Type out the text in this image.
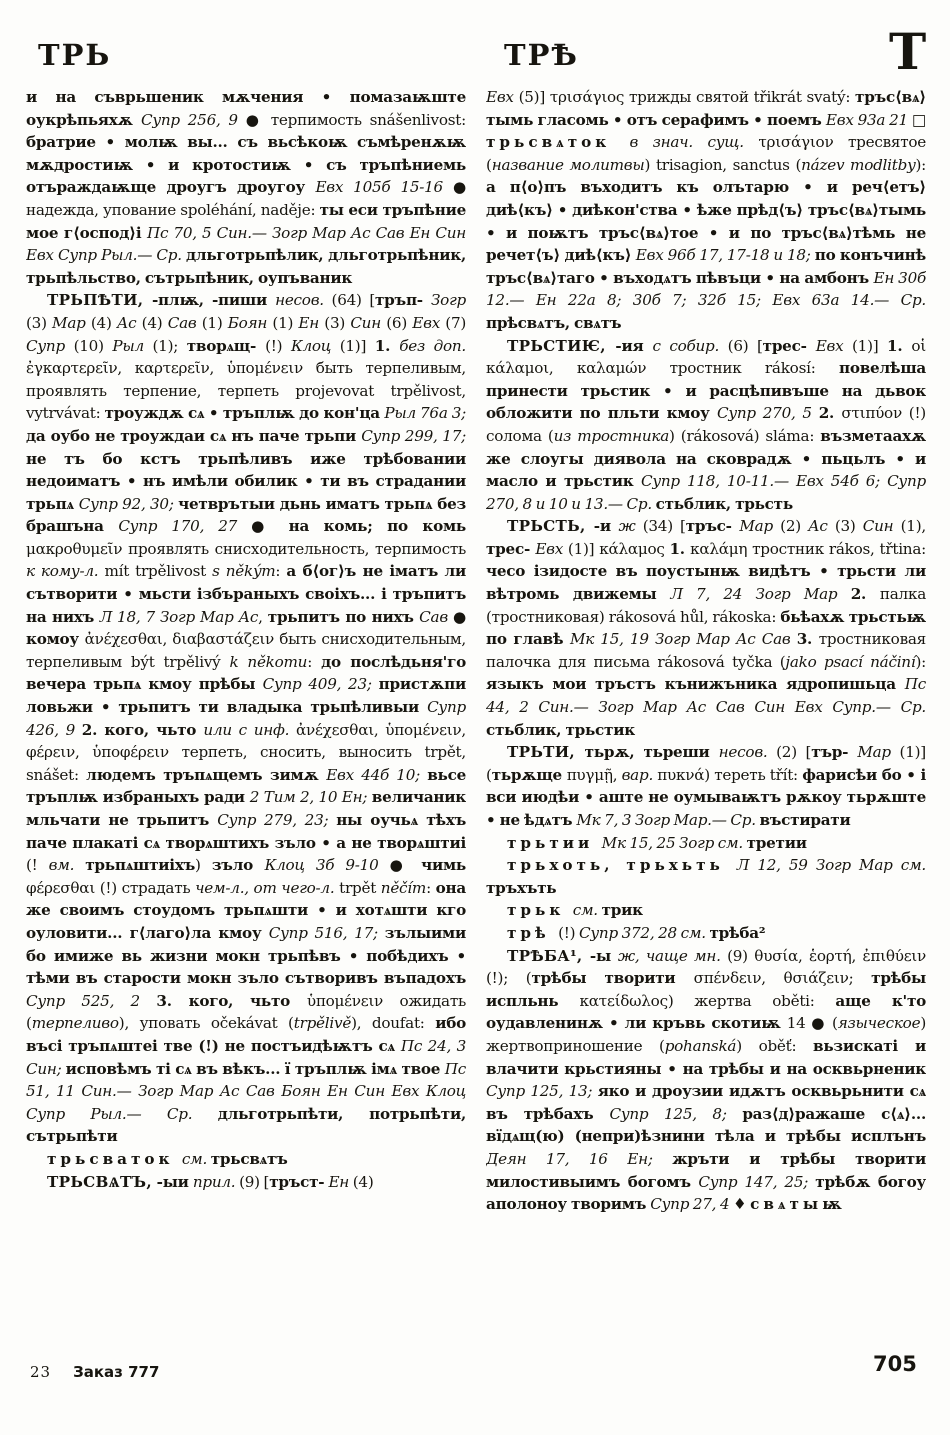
ТРЬ	ТРѢ	Т

и на съврьшеник мѫчения • помазаѭште оукрѣпьяхѫ Супр 256, 9 ● терпимость snášenlivost: братрие • молѭ вы... съ вьсѣкоѭ съмѣренѫѭ мѫдростиѭ • и кротостиѭ • съ тръпѣниемь отъраждаѭще дроугъ дроугоу Евх 105б 15-16 ● надежда, упование spoléhání, naděje: ты еси тръпѣние мое г⟨оспод⟩і Пс 70, 5 Син.— Зогр Мар Ас Сав Ен Син Евх Супр Рыл.— Ср. дльготрьпѣлик, дльготрьпѣник, трьпѣльство, сътрьпѣник, оупъваник

ТРЬПѢТИ, -плѭ, -пиши несов. (64) [тръп- Зогр (3) Мар (4) Ас (4) Сав (1) Боян (1) Ен (3) Син (6) Евх (7) Супр (10) Рыл (1); творѧщ- (!) Клоц (1)] 1. без доп. ἐγκαρτερεῖν, καρτερεῖν, ὑπομένειν быть терпеливым, проявлять терпение, терпеть projevovat trpělivost, vytrvávat: троуждѫ сѧ • тръплѭ до кон'ца Рыл 76а 3; да оубо не троуждаи сѧ нъ паче трьпи Супр 299, 17; не тъ бо кстъ трьпѣливъ иже трѣбовании недоиматъ • нъ имѣли обилик • ти въ страдании трьпѧ Супр 92, 30; четврътыи дьнь иматъ трьпѧ без брашъна Супр 170, 27 ● на комь; по комь μακροθυμεῖν проявлять снисходительность, терпимость к кому-л. mít trpělivost s někým: а б⟨ог⟩ъ не іматъ ли сътворити • мьсти ізбъраныхъ своіхъ... і тръпитъ на нихъ Л 18, 7 Зогр Мар Ас, трьпитъ по нихъ Сав ● комоу ἀνέχεσθαι, διαβαστάζειν быть снисходительным, терпеливым být trpělivý k někomu: до послѣдьня'го вечера трьпѧ кмоу прѣбы Супр 409, 23; пристѫпи ловьжи • трьпитъ ти владыка трьпѣливыи Супр 426, 9 2. кого, чьто или с инф. ἀνέχεσθαι, ὑπομένειν, φέρειν, ὑποφέρειν терпеть, сносить, выносить trpět, snášet: людемъ тръпѧщемъ зимѫ Евх 44б 10; вьсе тръплѭ избраныхъ ради 2 Тим 2, 10 Ен; величаник мльчати не трьпитъ Супр 279, 23; ны оучьѧ тѣхъ паче плакаті сѧ творѧштихъ зъло • а не творѧштиі (! вм. трьпѧштиіхъ) зъло Клоц 3б 9-10 ● чимь φέρεσθαι (!) страдать чем-л., от чего-л. trpět něčím: она же своимъ стоудомъ трьпѧшти • и хотѧшти кго оуловити... г⟨лаго⟩ла кмоу Супр 516, 17; зълыими бо имиже вь жизни мокн трьпѣвъ • побѣдихъ • тѣми въ старости мокн зъло сътворивъ въпадохъ Супр 525, 2 3. кого, чьто ὑπομένειν ожидать (терпеливо), уповать očekávat (trpělivě), doufat: ибо въсі тръпѧштеі тве (!) не постъидѣѭтъ сѧ Пс 24, 3 Син; исповѣмъ ті сѧ въ вѣкъ... ї тръплѭ імѧ твое Пс 51, 11 Син.— Зогр Мар Ас Сав Боян Ен Син Евх Клоц Супр Рыл.— Ср. дльготрьпѣти, потрьпѣти, сътрьпѣти

трьсваток см. трьсвѧтъ

ТРЬСВѦТЪ, -ыи прил. (9) [тръст- Ен (4)

Евх (5)] τρισάγιος трижды святой třikrát svatý: тръс⟨вѧ⟩тымь гласомь • отъ серафимъ • поемъ Евх 93а 21 □ трьсвѧток в знач. сущ. τρισάγιον тресвятое (название молитвы) trisagion, sanctus (název modlitby): а п⟨о⟩пъ въходитъ къ олътарю • и реч⟨етъ⟩ диѣ⟨къ⟩ • диѣкон'ства • ѣже прѣд⟨ъ⟩ тръс⟨вѧ⟩тымь • и поѭтъ тръс⟨вѧ⟩тое • и по тръс⟨вѧ⟩тѣмь не речет⟨ъ⟩ диѣ⟨къ⟩ Евх 96б 17, 17-18 и 18; по конъчинѣ тръс⟨вѧ⟩таго • въходѧтъ пѣвъци • на амбонъ Ен 30б 12.— Ен 22а 8; 30б 7; 32б 15; Евх 63а 14.— Ср. прѣсвѧтъ, свѧтъ

ТРЬСТИѤ, -ия с собир. (6) [трес- Евх (1)] 1. οἱ κάλαμοι, καλαμών тростник rákosí: повелѣша принести трьстик • и расцѣпивъше на дьвок обложити по пльти кмоу Супр 270, 5 2. στιπύον (!) солома (из тростника) (rákosová) sláma: възметаахѫ же слоугы диявола на сковрадѫ • пьцьлъ • и масло и трьстик Супр 118, 10-11.— Евх 54б 6; Супр 270, 8 и 10 и 13.— Ср. стьблик, трьсть

ТРЬСТЬ, -и ж (34) [тръс- Мар (2) Ас (3) Син (1), трес- Евх (1)] κάλαμος 1. καλάμη тростник rákos, třtina: чесо ізидосте въ поустынѭ видѣтъ • трьсти ли вѣтромь движемы Л 7, 24 Зогр Мар 2. палка (тростниковая) rákosová hůl, rákoska: бьѣахѫ трьстьѭ по главѣ Мк 15, 19 Зогр Мар Ас Сав 3. тростниковая палочка для письма rákosová tyčka (jako psací náčiní): языкъ мои тръстъ кънижъника ядропишьца Пс 44, 2 Син.— Зогр Мар Ас Сав Син Евх Супр.— Ср. стьблик, трьстик

ТРЬТИ, тьрѫ, тьреши несов. (2) [тър- Мар (1)] (тьрѫще πυγμῇ, вар. πυκνά) тереть třít: фарисѣи бо • і вси июдѣи • аште не оумываѭтъ рѫкоу тьрѫште • не ѣдѧтъ Мк 7, 3 Зогр Мар.— Ср. въстирати

трьтии Мк 15, 25 Зогр см. третии

трьхоть, трьхьть Л 12, 59 Зогр Мар см. тръхъть

трьк см. трик

трѣ (!) Супр 372, 28 см. трѣба²

ТРѢБА¹, -ы ж, чаще мн. (9) θυσία, ἑορτή, ἐπιθύειν (!); (трѣбы творити σπένδειν, θσιάζειν; трѣбы испльнь κατείδωλος) жертва oběti: аще к'то оудавленинѫ • ли кръвь скотиѭ 14 ● (языческое) жертвоприношение (pohanská) oběť: вьзискаті и влачити крьстияны • на трѣбы и на осквьрненик Супр 125, 13; яко и дроузии идѫтъ осквьрьнити сѧ въ трѣбахъ Супр 125, 8; раз⟨д⟩ражаше с⟨ѧ⟩... вїдѧщ(ю) (непри)ѣзнини тѣла и трѣбы исплънъ Деян 17, 16 Ен; жръти и трѣбы творити милостивыимъ богомъ Супр 147, 25; трѣбѫ богоу аполоноу творимъ Супр 27, 4 ♦ свѧтыѭ

23 Заказ 777	705
